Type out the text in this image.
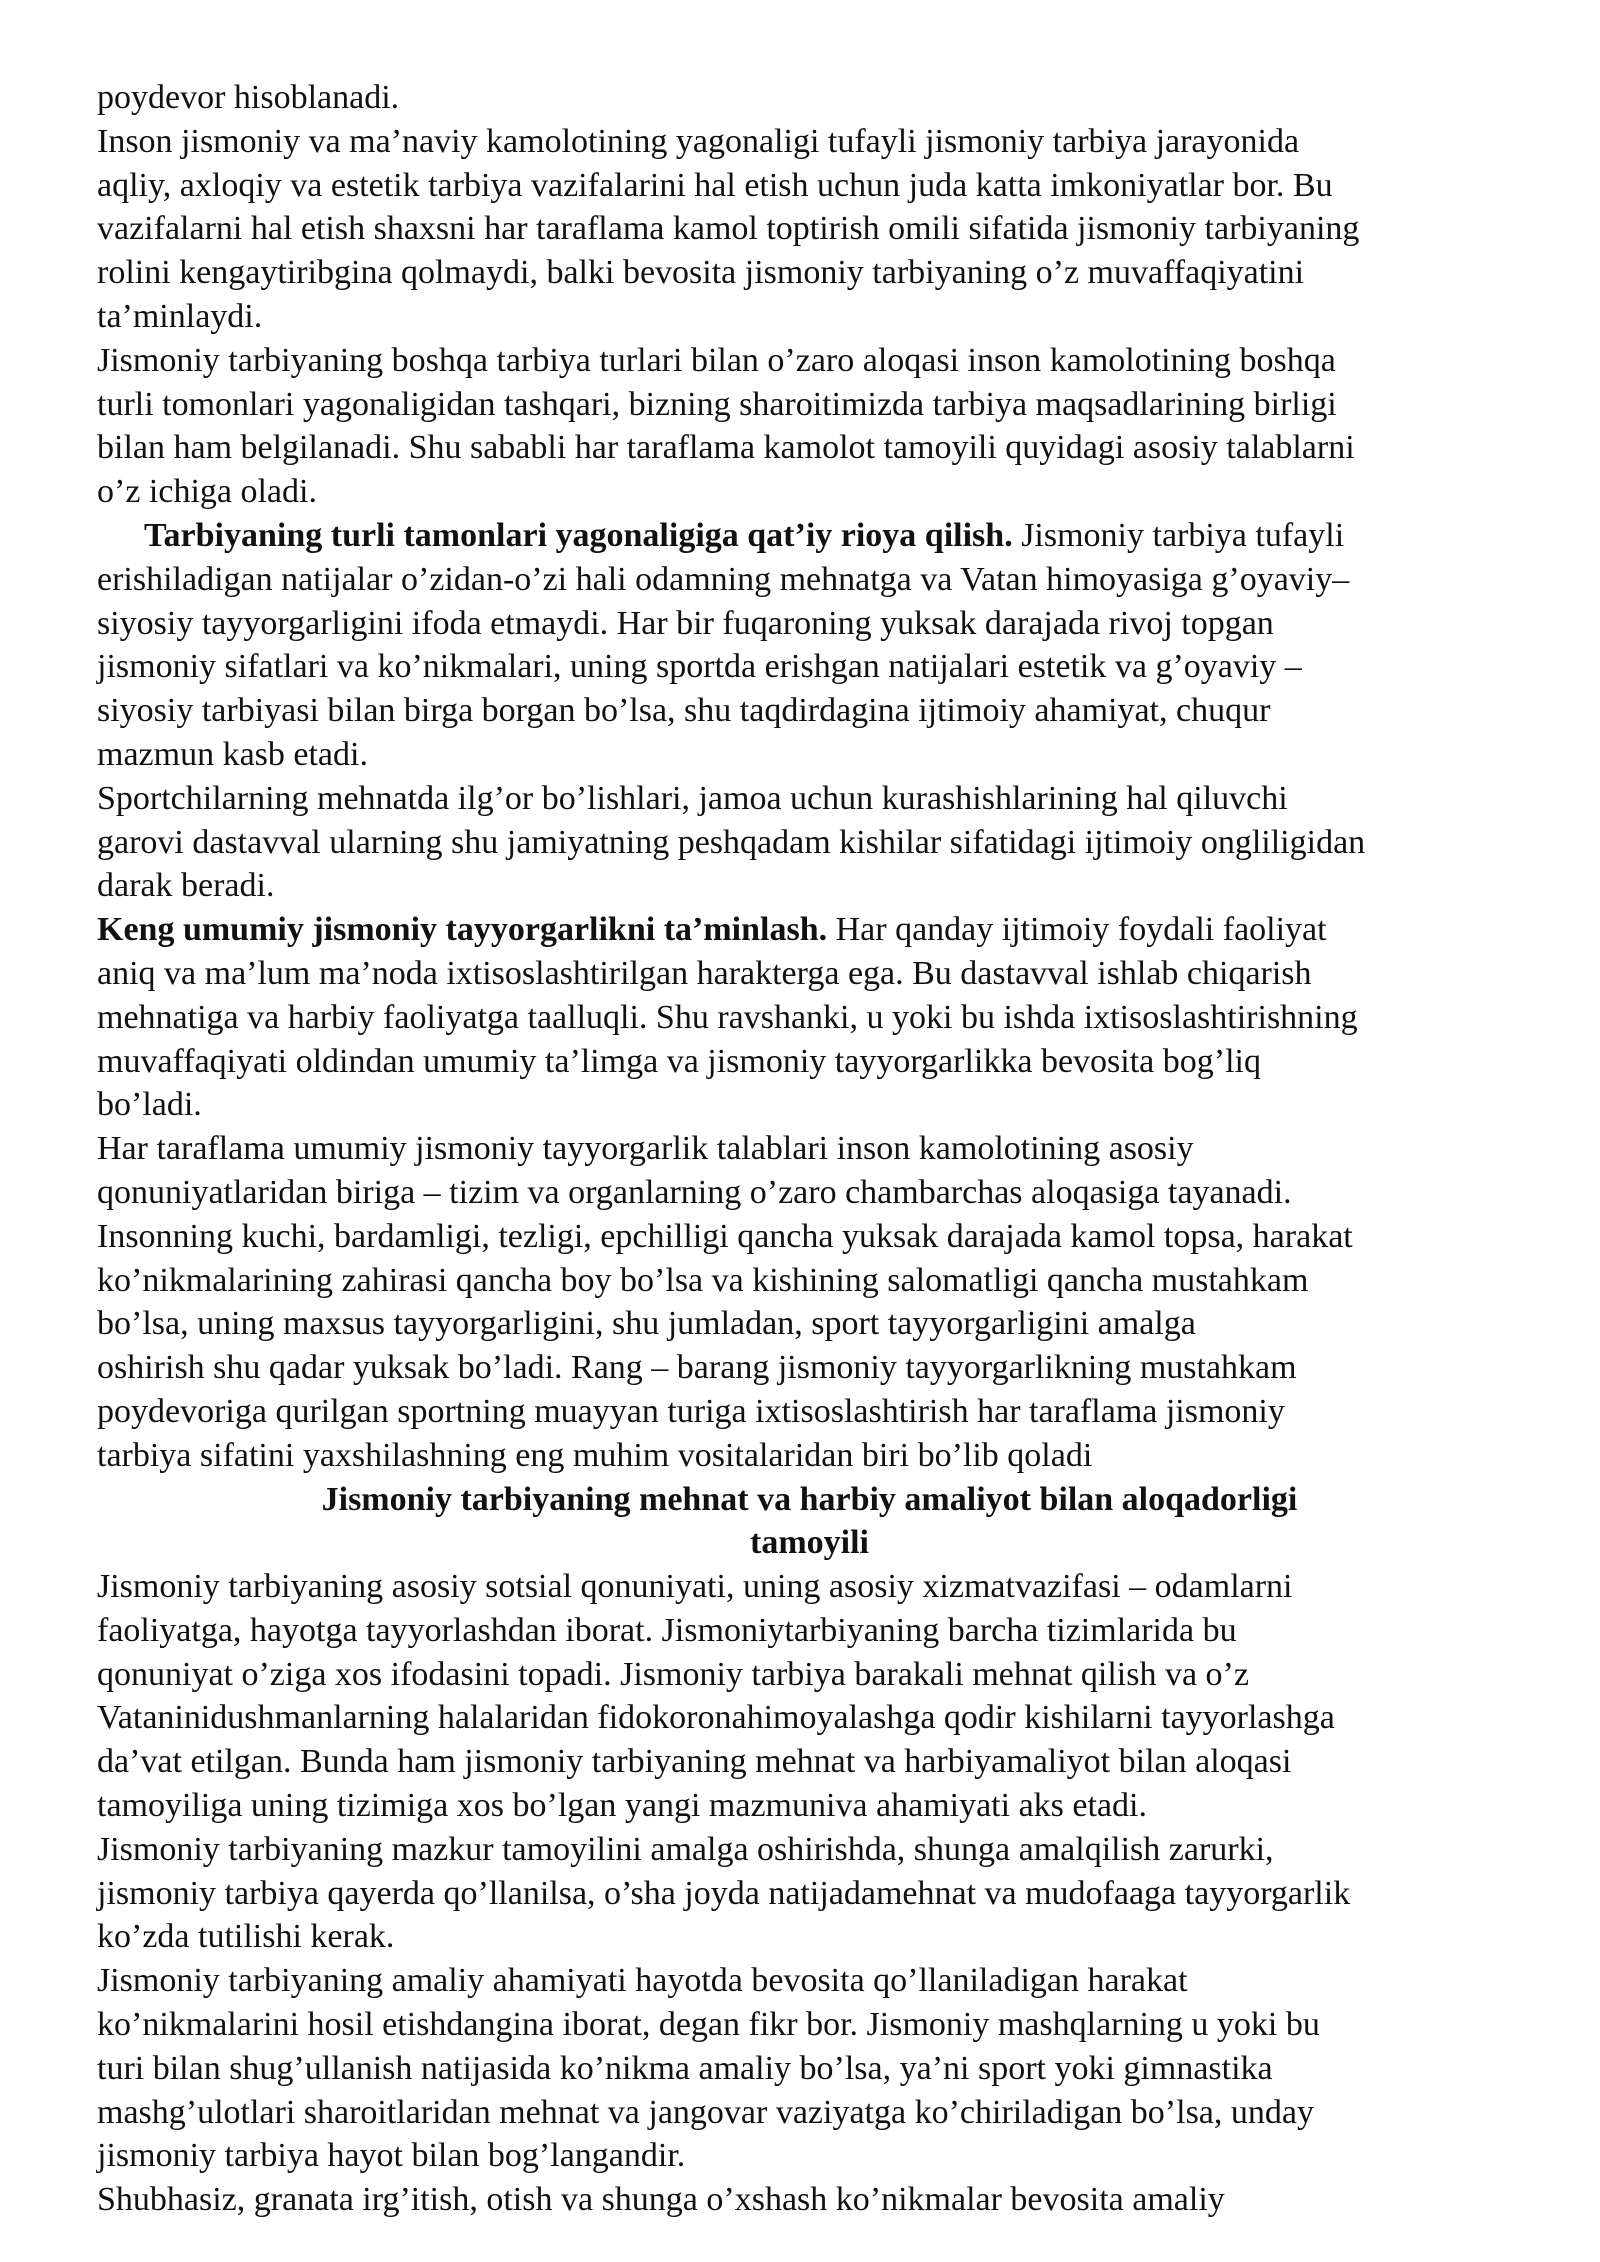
poydevor hisoblanadi.
Inson jismoniy va ma’naviy kamolotining yagonaligi tufayli jismoniy tarbiya jarayonida
aqliy, axloqiy va estetik tarbiya vazifalarini hal etish uchun juda katta imkoniyatlar bor. Bu
vazifalarni hal etish shaxsni har taraflama kamol toptirish omili sifatida jismoniy tarbiyaning
rolini kengaytiribgina qolmaydi, balki bevosita jismoniy tarbiyaning o’z muvaffaqiyatini
ta’minlaydi.
Jismoniy tarbiyaning boshqa tarbiya turlari bilan o’zaro aloqasi inson kamolotining boshqa
turli tomonlari yagonaligidan tashqari, bizning sharoitimizda tarbiya maqsadlarining birligi
bilan ham belgilanadi. Shu sababli har taraflama kamolot tamoyili quyidagi asosiy talablarni
o’z ichiga oladi.
Tarbiyaning turli tamonlari yagonaligiga qat’iy rioya qilish. Jismoniy tarbiya tufayli
erishiladigan natijalar o’zidan-o’zi hali odamning mehnatga va Vatan himoyasiga g’oyaviy–
siyosiy tayyorgarligini ifoda etmaydi. Har bir fuqaroning yuksak darajada rivoj topgan
jismoniy sifatlari va ko’nikmalari, uning sportda erishgan natijalari estetik va g’oyaviy –
siyosiy tarbiyasi bilan birga borgan bo’lsa, shu taqdirdagina ijtimoiy ahamiyat, chuqur
mazmun kasb etadi.
Sportchilarning mehnatda ilg’or bo’lishlari, jamoa uchun kurashishlarining hal qiluvchi
garovi dastavval ularning shu jamiyatning peshqadam kishilar sifatidagi ijtimoiy ongliligidan
darak beradi.
Keng umumiy jismoniy tayyorgarlikni ta’minlash. Har qanday ijtimoiy foydali faoliyat
aniq va ma’lum ma’noda ixtisoslashtirilgan harakterga ega. Bu dastavval ishlab chiqarish
mehnatiga va harbiy faoliyatga taalluqli. Shu ravshanki, u yoki bu ishda ixtisoslashtirishning
muvaffaqiyati oldindan umumiy ta’limga va jismoniy tayyorgarlikka bevosita bog’liq
bo’ladi.
Har taraflama umumiy jismoniy tayyorgarlik talablari inson kamolotining asosiy
qonuniyatlaridan biriga – tizim va organlarning o’zaro chambarchas aloqasiga tayanadi.
Insonning kuchi, bardamligi, tezligi, epchilligi qancha yuksak darajada kamol topsa, harakat
ko’nikmalarining zahirasi qancha boy bo’lsa va kishining salomatligi qancha mustahkam
bo’lsa, uning maxsus tayyorgarligini, shu jumladan, sport tayyorgarligini amalga
oshirish shu qadar yuksak bo’ladi. Rang – barang jismoniy tayyorgarlikning mustahkam
poydevoriga qurilgan sportning muayyan turiga ixtisoslashtirish har taraflama jismoniy
tarbiya sifatini yaxshilashning eng muhim vositalaridan biri bo’lib qoladi
Jismoniy tarbiyaning mehnat va harbiy amaliyot bilan aloqadorligi
tamoyili
Jismoniy tarbiyaning asosiy sotsial qonuniyati, uning asosiy xizmatvazifasi – odamlarni
faoliyatga, hayotga tayyorlashdan iborat. Jismoniytarbiyaning barcha tizimlarida bu
qonuniyat o’ziga xos ifodasini topadi. Jismoniy tarbiya barakali mehnat qilish va o’z
Vataninidushmanlarning halalaridan fidokoronahimoyalashga qodir kishilarni tayyorlashga
da’vat etilgan. Bunda ham jismoniy tarbiyaning mehnat va harbiyamaliyot bilan aloqasi
tamoyiliga uning tizimiga xos bo’lgan yangi mazmuniva ahamiyati aks etadi.
Jismoniy tarbiyaning mazkur tamoyilini amalga oshirishda, shunga amalqilish zarurki,
jismoniy tarbiya qayerda qo’llanilsa, o’sha joyda natijadamehnat va mudofaaga tayyorgarlik
ko’zda tutilishi kerak.
Jismoniy tarbiyaning amaliy ahamiyati hayotda bevosita qo’llaniladigan harakat
ko’nikmalarini hosil etishdangina iborat, degan fikr bor. Jismoniy mashqlarning u yoki bu
turi bilan shug’ullanish natijasida ko’nikma amaliy bo’lsa, ya’ni sport yoki gimnastika
mashg’ulotlari sharoitlaridan mehnat va jangovar vaziyatga ko’chiriladigan bo’lsa, unday
jismoniy tarbiya hayot bilan bog’langandir.
Shubhasiz, granata irg’itish, otish va shunga o’xshash ko’nikmalar bevosita amaliy
